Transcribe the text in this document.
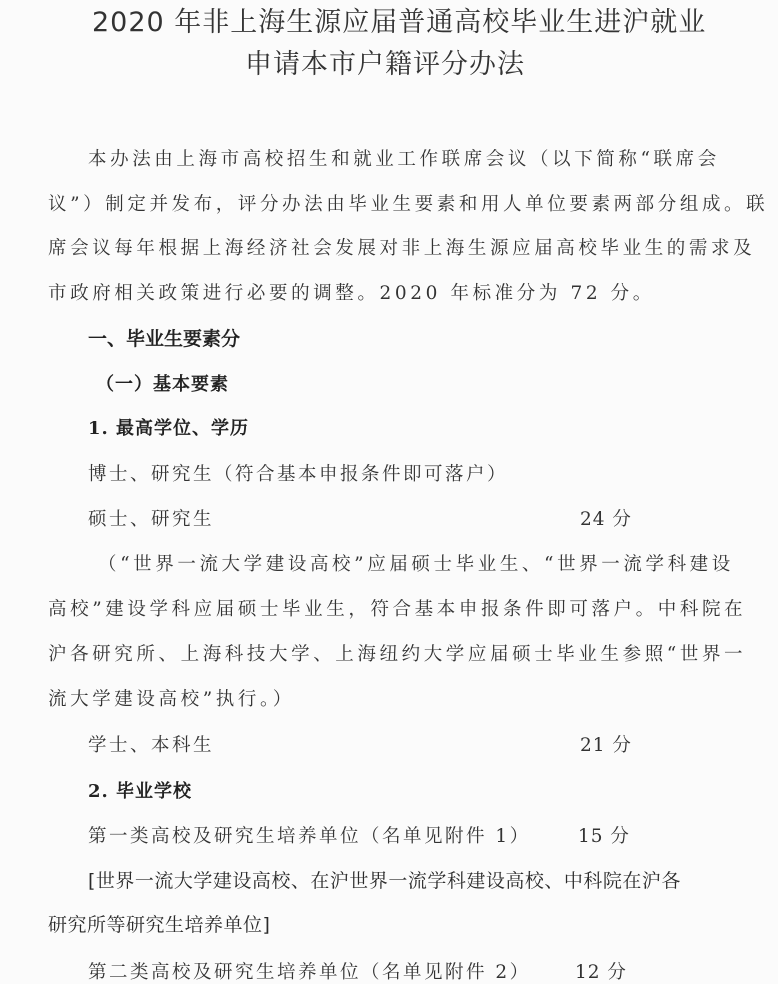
2020 年非上海生源应届普通高校毕业生进沪就业
申请本市户籍评分办法
本办法由上海市高校招生和就业工作联席会议（以下简称“联席会
议”）制定并发布，评分办法由毕业生要素和用人单位要素两部分组成。联
席会议每年根据上海经济社会发展对非上海生源应届高校毕业生的需求及
市政府相关政策进行必要的调整。2020 年标准分为 72 分。
一、毕业生要素分
（一）基本要素
1. 最高学位、学历
博士、研究生（符合基本申报条件即可落户）
硕士、研究生	24 分
（“世界一流大学建设高校”应届硕士毕业生、“世界一流学科建设
高校”建设学科应届硕士毕业生，符合基本申报条件即可落户。中科院在
沪各研究所、上海科技大学、上海纽约大学应届硕士毕业生参照“世界一
流大学建设高校”执行。）
学士、本科生	21 分
2. 毕业学校
第一类高校及研究生培养单位（名单见附件 1）	15 分
[世界一流大学建设高校、在沪世界一流学科建设高校、中科院在沪各
研究所等研究生培养单位]
第二类高校及研究生培养单位（名单见附件 2） 12 分
